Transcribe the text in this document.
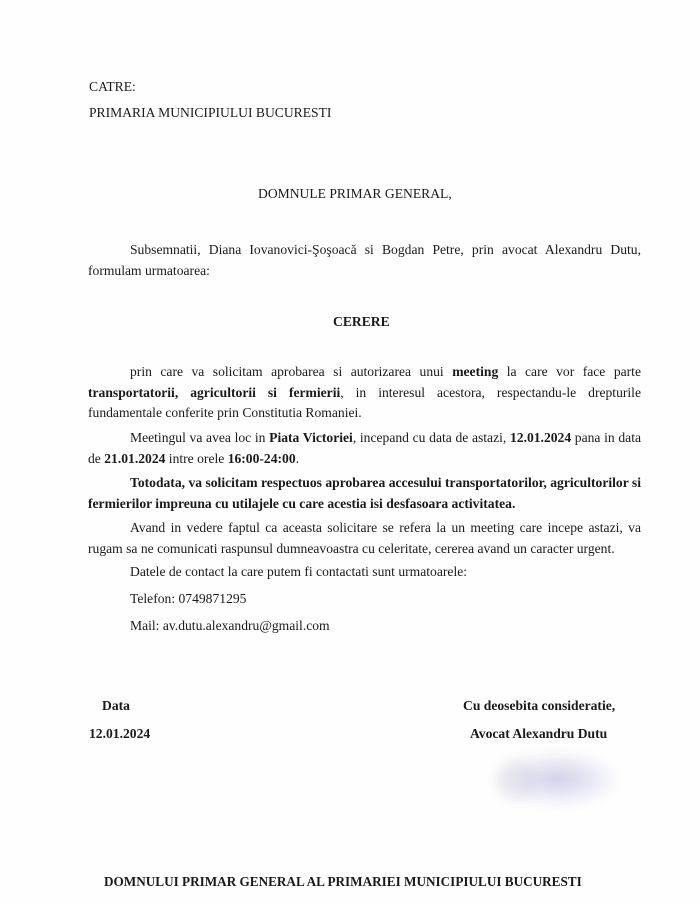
CATRE:
PRIMARIA MUNICIPIULUI BUCURESTI
DOMNULE PRIMAR GENERAL,
Subsemnatii, Diana Iovanovici-Şoşoacă si Bogdan Petre, prin avocat Alexandru Dutu, formulam urmatoarea:
CERERE
prin care va solicitam aprobarea si autorizarea unui meeting la care vor face parte transportatorii, agricultorii si fermierii, in interesul acestora, respectandu-le drepturile fundamentale conferite prin Constitutia Romaniei.
Meetingul va avea loc in Piata Victoriei, incepand cu data de astazi, 12.01.2024 pana in data de 21.01.2024 intre orele 16:00-24:00.
Totodata, va solicitam respectuos aprobarea accesului transportatorilor, agricultorilor si fermierilor impreuna cu utilajele cu care acestia isi desfasoara activitatea.
Avand in vedere faptul ca aceasta solicitare se refera la un meeting care incepe astazi, va rugam sa ne comunicati raspunsul dumneavoastra cu celeritate, cererea avand un caracter urgent.
Datele de contact la care putem fi contactati sunt urmatoarele:
Telefon: 0749871295
Mail: av.dutu.alexandru@gmail.com
Data
12.01.2024
Cu deosebita consideratie,
Avocat Alexandru Dutu
DOMNULUI PRIMAR GENERAL AL PRIMARIEI MUNICIPIULUI BUCURESTI
